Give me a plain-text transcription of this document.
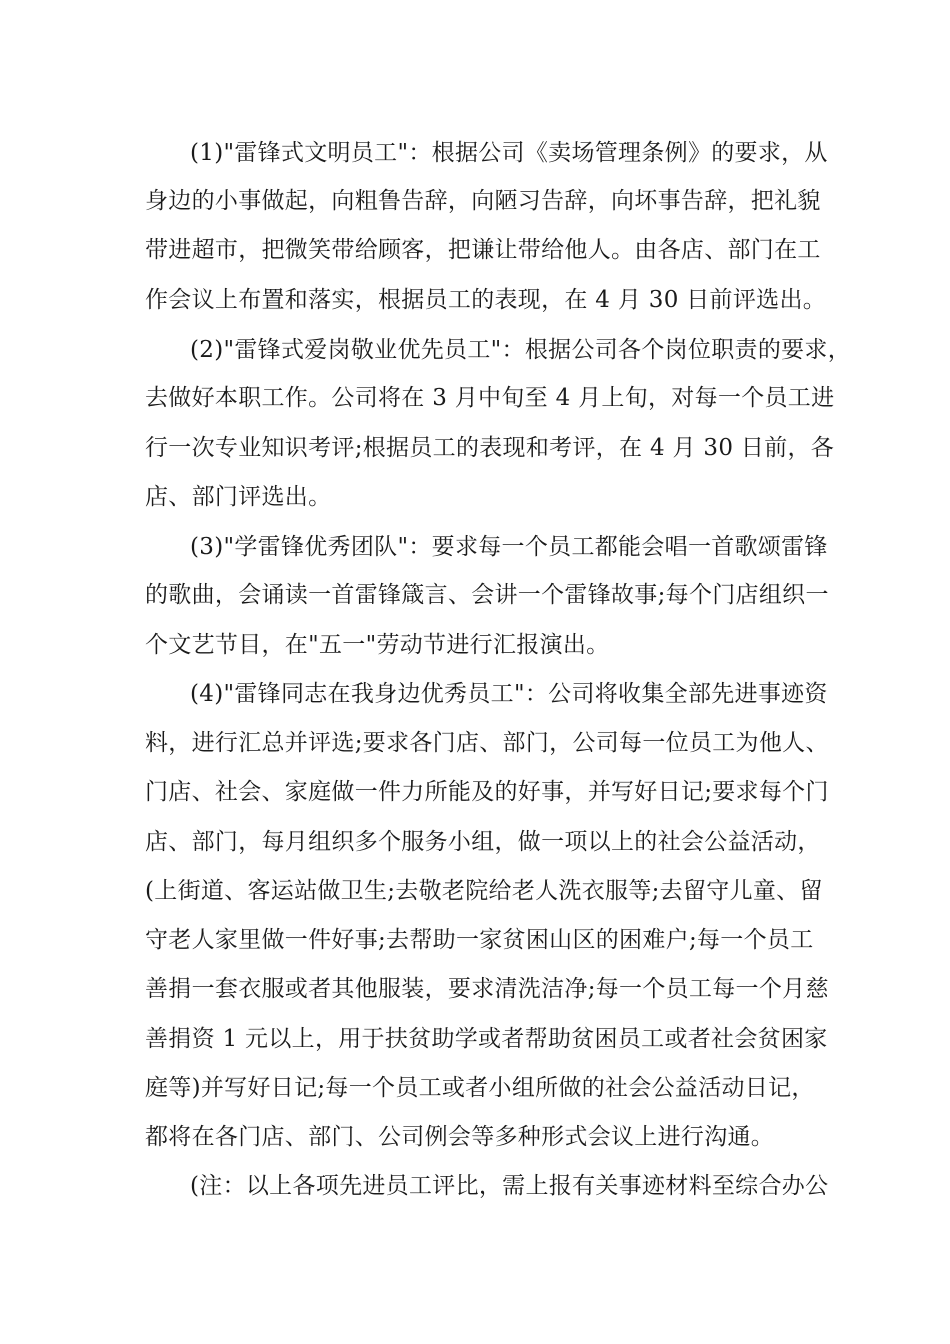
(1)"雷锋式文明员工"：根据公司《卖场管理条例》的要求，从
身边的小事做起，向粗鲁告辞，向陋习告辞，向坏事告辞，把礼貌
带进超市，把微笑带给顾客，把谦让带给他人。由各店、部门在工
作会议上布置和落实，根据员工的表现，在 4 月 30 日前评选出。
(2)"雷锋式爱岗敬业优先员工"：根据公司各个岗位职责的要求，
去做好本职工作。公司将在 3 月中旬至 4 月上旬，对每一个员工进
行一次专业知识考评;根据员工的表现和考评，在 4 月 30 日前，各
店、部门评选出。
(3)"学雷锋优秀团队"：要求每一个员工都能会唱一首歌颂雷锋
的歌曲，会诵读一首雷锋箴言、会讲一个雷锋故事;每个门店组织一
个文艺节目，在"五一"劳动节进行汇报演出。
(4)"雷锋同志在我身边优秀员工"：公司将收集全部先进事迹资
料，进行汇总并评选;要求各门店、部门，公司每一位员工为他人、
门店、社会、家庭做一件力所能及的好事，并写好日记;要求每个门
店、部门，每月组织多个服务小组，做一项以上的社会公益活动，
(上街道、客运站做卫生;去敬老院给老人洗衣服等;去留守儿童、留
守老人家里做一件好事;去帮助一家贫困山区的困难户;每一个员工
善捐一套衣服或者其他服装，要求清洗洁净;每一个员工每一个月慈
善捐资 1 元以上，用于扶贫助学或者帮助贫困员工或者社会贫困家
庭等)并写好日记;每一个员工或者小组所做的社会公益活动日记，
都将在各门店、部门、公司例会等多种形式会议上进行沟通。
(注：以上各项先进员工评比，需上报有关事迹材料至综合办公
